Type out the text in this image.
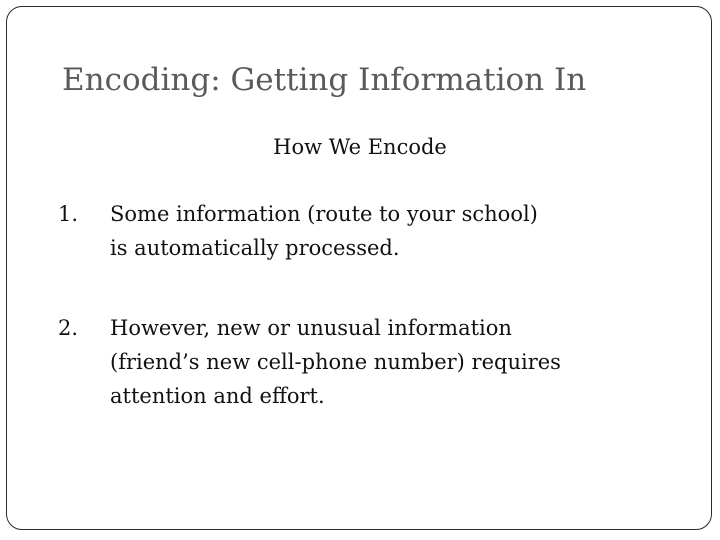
Encoding: Getting Information In
How We Encode
1. Some information (route to your school)
is automatically processed.
2. However, new or unusual information
(friend’s new cell-phone number) requires
attention and effort.
